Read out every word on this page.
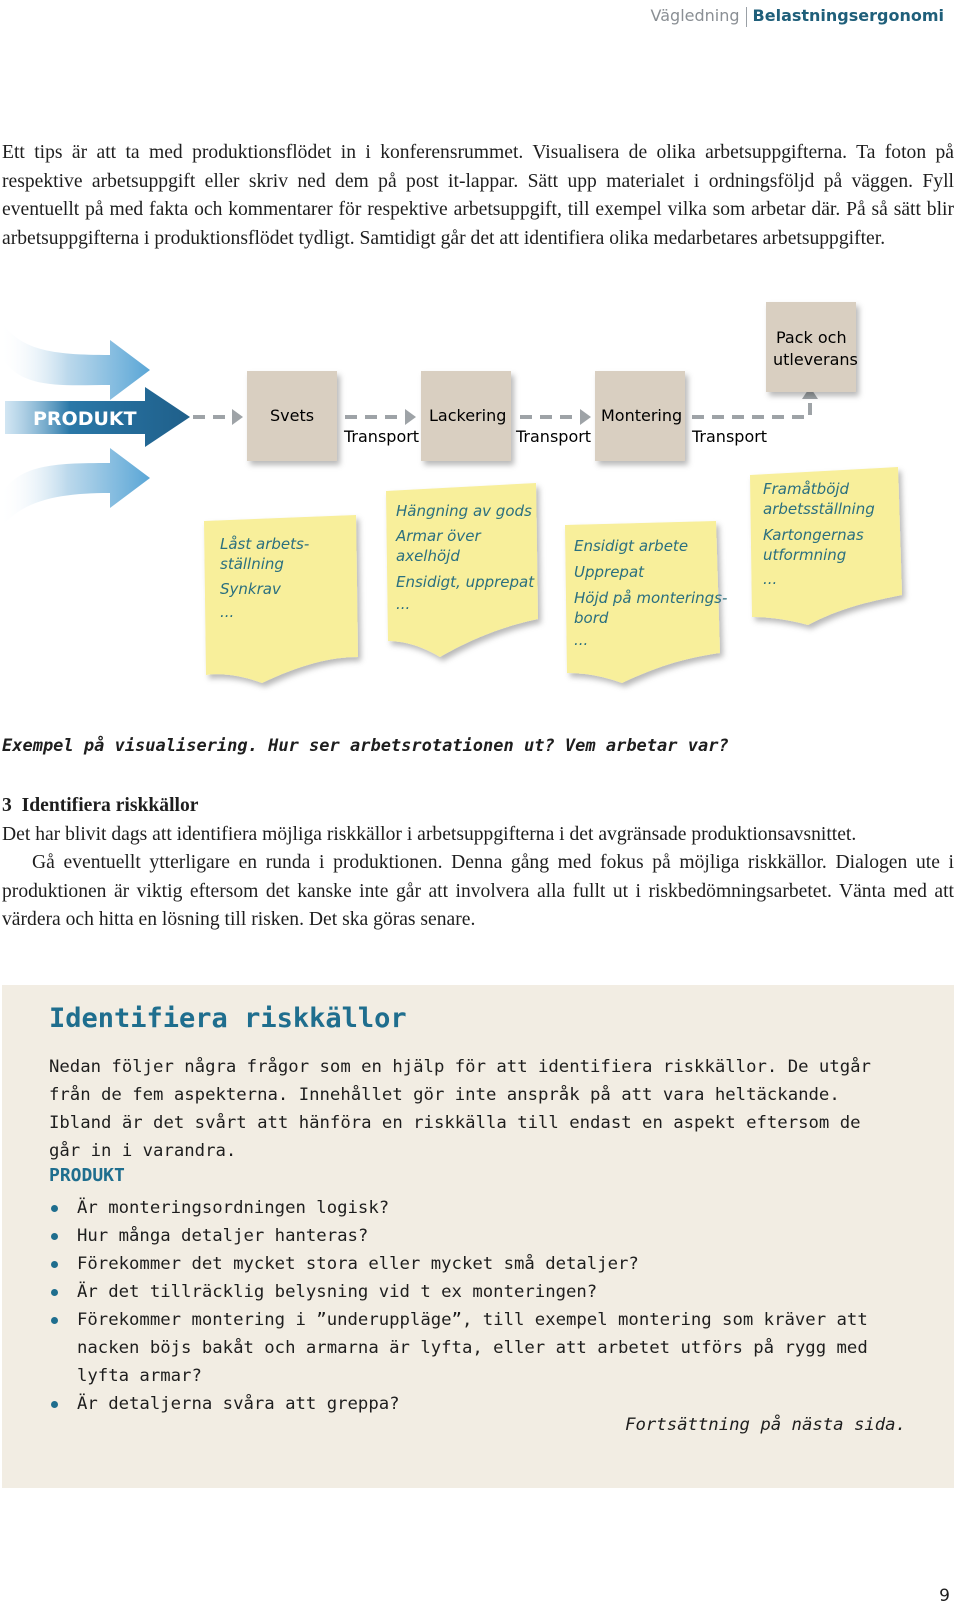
Vägledning Belastningsergonomi
Ett tips är att ta med produktionsflödet in i konferensrummet. Visualisera de olika arbetsuppgifterna. Ta foton på respektive arbetsuppgift eller skriv ned dem på post it-lappar. Sätt upp materialet i ordningsföljd på väggen. Fyll eventuellt på med fakta och kommentarer för respektive arbetsuppgift, till exempel vilka som arbetar där. På så sätt blir arbetsuppgifterna i produktionsflödet tydligt. Samtidigt går det att identifiera olika medarbetares arbetsuppgifter.
PRODUKT	Svets	Lackering	Montering
Pack och
utleverans
Transport	Transport	Transport
Låst arbets-
ställning
Synkrav
...
Hängning av gods
Armar över
axelhöjd
Ensidigt, upprepat
...
Ensidigt arbete
Upprepat
Höjd på monterings-
bord
...
Framåtböjd
arbetsställning
Kartongernas
utformning
...
Exempel på visualisering. Hur ser arbetsrotationen ut? Vem arbetar var?
3 Identifiera riskkällor

Det har blivit dags att identifiera möjliga riskkällor i arbetsuppgifterna i det avgränsade produktionsavsnittet.

Gå eventuellt ytterligare en runda i produktionen. Denna gång med fokus på möjliga riskkällor. Dialogen ute i produktionen är viktig eftersom det kanske inte går att involvera alla fullt ut i riskbedömningsarbetet. Vänta med att värdera och hitta en lösning till risken. Det ska göras senare.

Identifiera riskkällor
Nedan följer några frågor som en hjälp för att identifiera riskkällor. De utgår från de fem aspekterna. Innehållet gör inte anspråk på att vara heltäckande. Ibland är det svårt att hänföra en riskkälla till endast en aspekt eftersom de går in i varandra.
PRODUKT
Är monteringsordningen logisk?
Hur många detaljer hanteras?
Förekommer det mycket stora eller mycket små detaljer?
Är det tillräcklig belysning vid t ex monteringen?
Förekommer montering i ”underuppläge”, till exempel montering som kräver att nacken böjs bakåt och armarna är lyfta, eller att arbetet utförs på rygg med lyfta armar?
Är detaljerna svåra att greppa?
Fortsättning på nästa sida.
9
